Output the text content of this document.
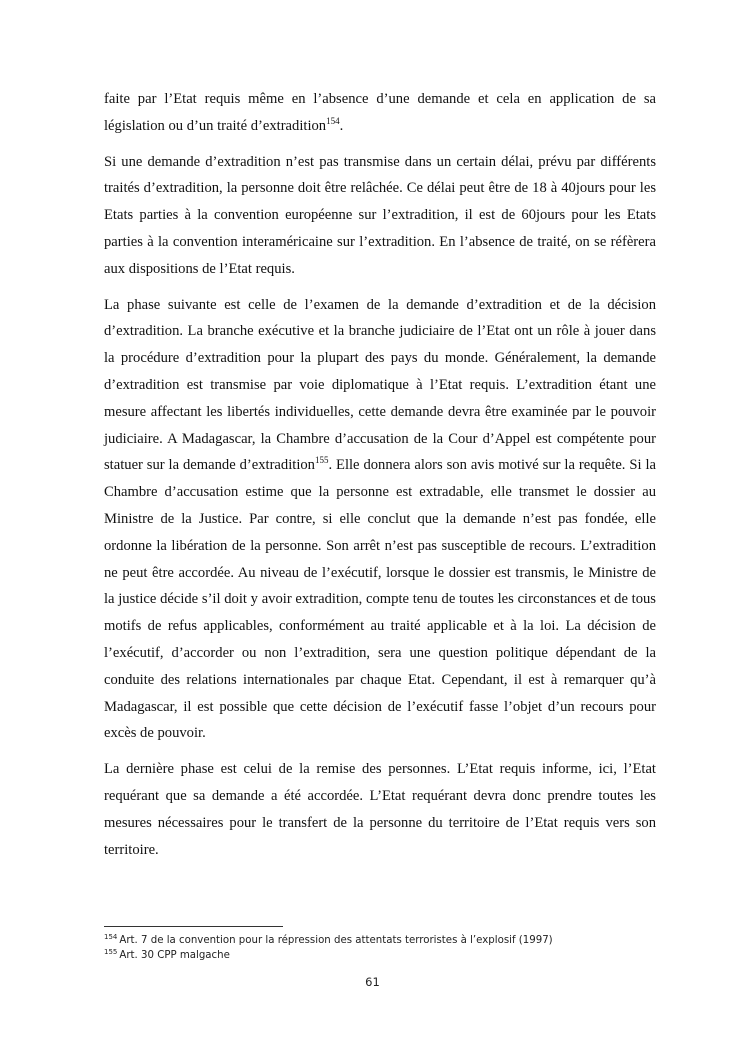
faite par l’Etat requis même en l’absence d’une demande et cela en application de sa législation ou d’un traité d’extradition$^{154}$.

Si une demande d’extradition n’est pas transmise dans un certain délai, prévu par différents traités d’extradition, la personne doit être relâchée. Ce délai peut être de 18 à 40jours pour les Etats parties à la convention européenne sur l’extradition, il est de 60jours pour les Etats parties à la convention interaméricaine sur l’extradition. En l’absence de traité, on se réfèrera aux dispositions de l’Etat requis.

La phase suivante est celle de l’examen de la demande d’extradition et de la décision d’extradition. La branche exécutive et la branche judiciaire de l’Etat ont un rôle à jouer dans la procédure d’extradition pour la plupart des pays du monde. Généralement, la demande d’extradition est transmise par voie diplomatique à l’Etat requis. L’extradition étant une mesure affectant les libertés individuelles, cette demande devra être examinée par le pouvoir judiciaire. A Madagascar, la Chambre d’accusation de la Cour d’Appel est compétente pour statuer sur la demande d’extradition$^{155}$. Elle donnera alors son avis motivé sur la requête. Si la Chambre d’accusation estime que la personne est extradable, elle transmet le dossier au Ministre de la Justice. Par contre, si elle conclut que la demande n’est pas fondée, elle ordonne la libération de la personne. Son arrêt n’est pas susceptible de recours. L’extradition ne peut être accordée. Au niveau de l’exécutif, lorsque le dossier est transmis, le Ministre de la justice décide s’il doit y avoir extradition, compte tenu de toutes les circonstances et de tous motifs de refus applicables, conformément au traité applicable et à la loi. La décision de l’exécutif, d’accorder ou non l’extradition, sera une question politique dépendant de la conduite des relations internationales par chaque Etat. Cependant, il est à remarquer qu’à Madagascar, il est possible que cette décision de l’exécutif fasse l’objet d’un recours pour excès de pouvoir.

La dernière phase est celui de la remise des personnes. L’Etat requis informe, ici, l’Etat requérant que sa demande a été accordée. L’Etat requérant devra donc prendre toutes les mesures nécessaires pour le transfert de la personne du territoire de l’Etat requis vers son territoire.

$^{154}$ Art. 7 de la convention pour la répression des attentats terroristes à l’explosif (1997)

$^{155}$ Art. 30 CPP malgache

61
